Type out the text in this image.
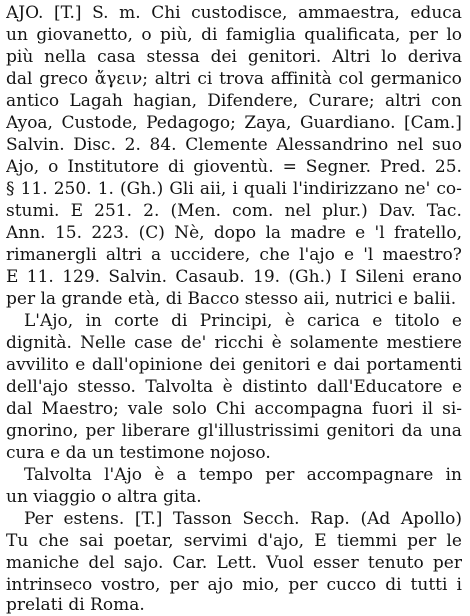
AJO. [T.] S. m. Chi custodisce, ammaestra, educa
un giovanetto, o più, di famiglia qualificata, per lo
più nella casa stessa dei genitori. Altri lo deriva
dal greco ἄγειν; altri ci trova affinità col germanico
antico Lagah hagian, Difendere, Curare; altri con
Ayoa, Custode, Pedagogo; Zaya, Guardiano. [Cam.]
Salvin. Disc. 2. 84. Clemente Alessandrino nel suo
Ajo, o Institutore di gioventù. = Segner. Pred. 25.
§ 11. 250. 1. (Gh.) Gli aii, i quali l'indirizzano ne' co-
stumi. E 251. 2. (Men. com. nel plur.) Dav. Tac.
Ann. 15. 223. (C) Nè, dopo la madre e 'l fratello,
rimanergli altri a uccidere, che l'ajo e 'l maestro?
E 11. 129. Salvin. Casaub. 19. (Gh.) I Sileni erano
per la grande età, di Bacco stesso aii, nutrici e balii.
L'Ajo, in corte di Principi, è carica e titolo e
dignità. Nelle case de' ricchi è solamente mestiere
avvilito e dall'opinione dei genitori e dai portamenti
dell'ajo stesso. Talvolta è distinto dall'Educatore e
dal Maestro; vale solo Chi accompagna fuori il si-
gnorino, per liberare gl'illustrissimi genitori da una
cura e da un testimone nojoso.
Talvolta l'Ajo è a tempo per accompagnare in
un viaggio o altra gita.
Per estens. [T.] Tasson Secch. Rap. (Ad Apollo)
Tu che sai poetar, servimi d'ajo, E tiemmi per le
maniche del sajo. Car. Lett. Vuol esser tenuto per
intrinseco vostro, per ajo mio, per cucco di tutti i
prelati di Roma.
